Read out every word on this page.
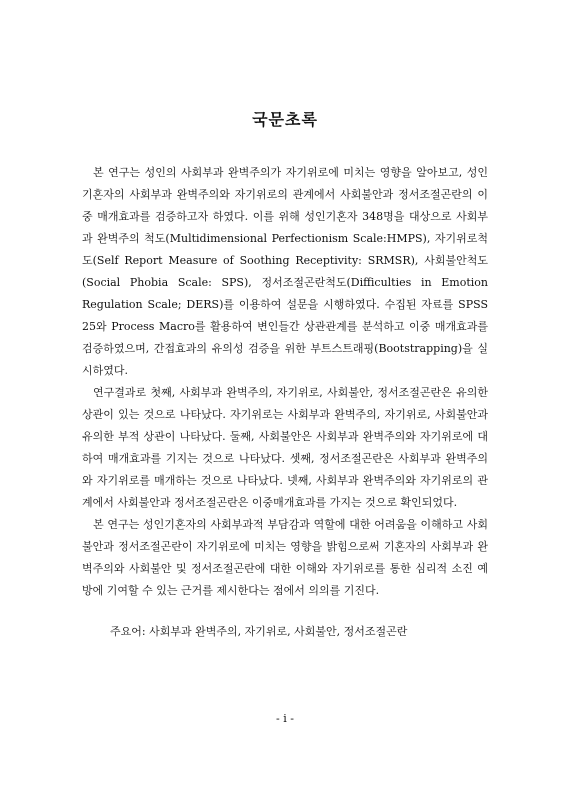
국문초록

본 연구는 성인의 사회부과 완벽주의가 자기위로에 미치는 영향을 알아보고, 성인기혼자의 사회부과 완벽주의와 자기위로의 관계에서 사회불안과 정서조절곤란의 이중 매개효과를 검증하고자 하였다. 이를 위해 성인기혼자 348명을 대상으로 사회부과 완벽주의 척도(Multidimensional Perfectionism Scale:HMPS), 자기위로척도(Self Report Measure of Soothing Receptivity: SRMSR), 사회불안척도(Social Phobia Scale: SPS), 정서조절곤란척도(Difficulties in Emotion Regulation Scale; DERS)를 이용하여 설문을 시행하였다. 수집된 자료를 SPSS 25와 Process Macro를 활용하여 변인들간 상관관계를 분석하고 이중 매개효과를 검증하였으며, 간접효과의 유의성 검증을 위한 부트스트래핑(Bootstrapping)을 실시하였다.

연구결과로 첫째, 사회부과 완벽주의, 자기위로, 사회불안, 정서조절곤란은 유의한 상관이 있는 것으로 나타났다. 자기위로는 사회부과 완벽주의, 자기위로, 사회불안과 유의한 부적 상관이 나타났다. 둘째, 사회불안은 사회부과 완벽주의와 자기위로에 대하여 매개효과를 기지는 것으로 나타났다. 셋째, 정서조절곤란은 사회부과 완벽주의와 자기위로를 매개하는 것으로 나타났다. 넷째, 사회부과 완벽주의와 자기위로의 관계에서 사회불안과 정서조절곤란은 이중매개효과를 가지는 것으로 확인되었다.

본 연구는 성인기혼자의 사회부과적 부담감과 역할에 대한 어려움을 이해하고 사회불안과 정서조절곤란이 자기위로에 미치는 영향을 밝힘으로써 기혼자의 사회부과 완벽주의와 사회불안 및 정서조절곤란에 대한 이해와 자기위로를 통한 심리적 소진 예방에 기여할 수 있는 근거를 제시한다는 점에서 의의를 기진다.

주요어: 사회부과 완벽주의, 자기위로, 사회불안, 정서조절곤란
- i -
